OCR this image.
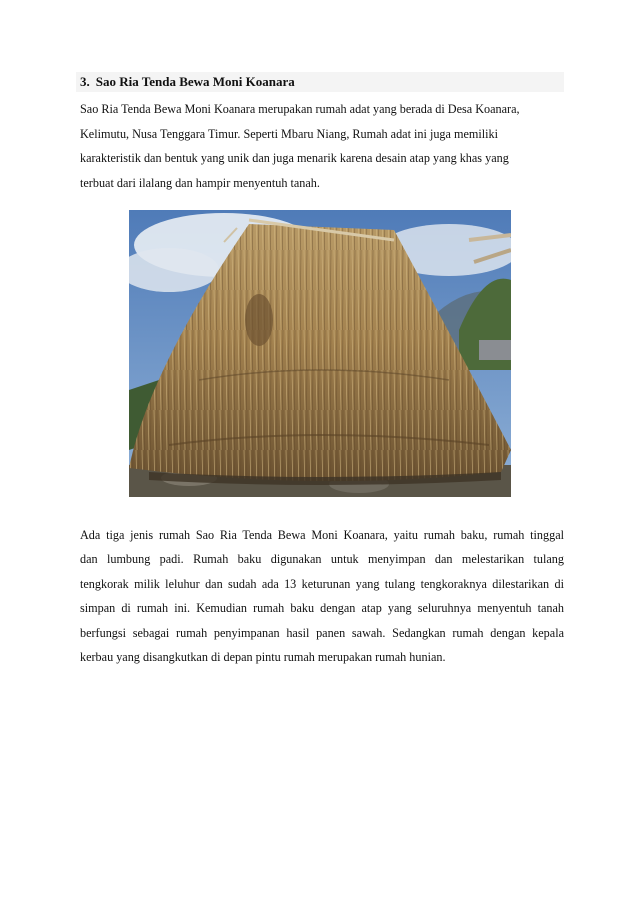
3. Sao Ria Tenda Bewa Moni Koanara
Sao Ria Tenda Bewa Moni Koanara merupakan rumah adat yang berada di Desa Koanara,
Kelimutu, Nusa Tenggara Timur. Seperti Mbaru Niang, Rumah adat ini juga memiliki
karakteristik dan bentuk yang unik dan juga menarik karena desain atap yang khas yang
terbuat dari ilalang dan hampir menyentuh tanah.
Ada tiga jenis rumah Sao Ria Tenda Bewa Moni Koanara, yaitu rumah baku, rumah tinggal
dan lumbung padi. Rumah baku digunakan untuk menyimpan dan melestarikan tulang
tengkorak milik leluhur dan sudah ada 13 keturunan yang tulang tengkoraknya dilestarikan di
simpan di rumah ini. Kemudian rumah baku dengan atap yang seluruhnya menyentuh tanah
berfungsi sebagai rumah penyimpanan hasil panen sawah. Sedangkan rumah dengan kepala
kerbau yang disangkutkan di depan pintu rumah merupakan rumah hunian.
